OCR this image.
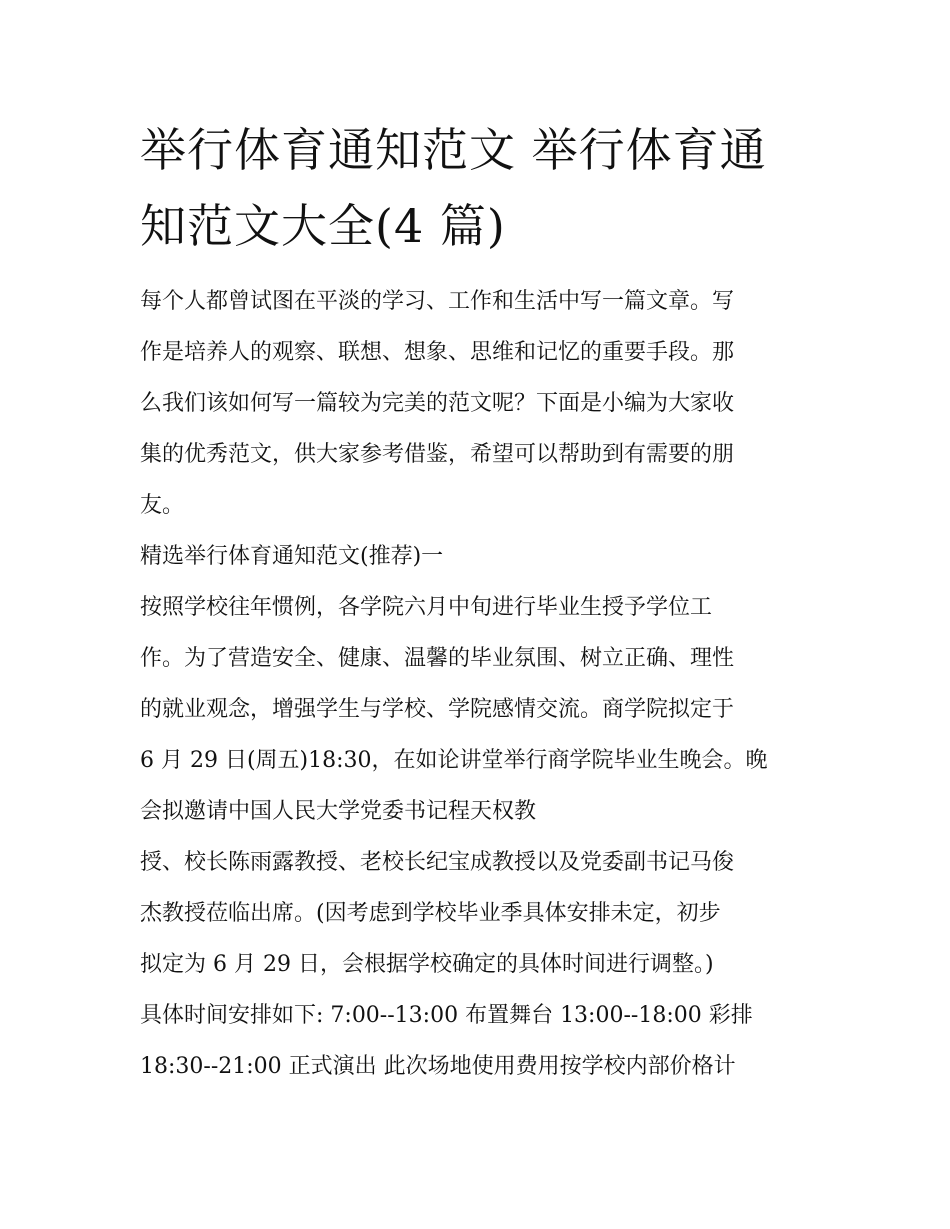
举行体育通知范文 举行体育通
知范文大全(4 篇)

每个人都曾试图在平淡的学习、工作和生活中写一篇文章。写
作是培养人的观察、联想、想象、思维和记忆的重要手段。那
么我们该如何写一篇较为完美的范文呢？下面是小编为大家收
集的优秀范文，供大家参考借鉴，希望可以帮助到有需要的朋
友。

精选举行体育通知范文(推荐)一

按照学校往年惯例，各学院六月中旬进行毕业生授予学位工
作。为了营造安全、健康、温馨的毕业氛围、树立正确、理性
的就业观念，增强学生与学校、学院感情交流。商学院拟定于
6 月 29 日(周五)18:30，在如论讲堂举行商学院毕业生晚会。晚
会拟邀请中国人民大学党委书记程天权教

授、校长陈雨露教授、老校长纪宝成教授以及党委副书记马俊
杰教授莅临出席。(因考虑到学校毕业季具体安排未定，初步
拟定为 6 月 29 日，会根据学校确定的具体时间进行调整。)

具体时间安排如下: 7:00--13:00 布置舞台 13:00--18:00 彩排
18:30--21:00 正式演出 此次场地使用费用按学校内部价格计
